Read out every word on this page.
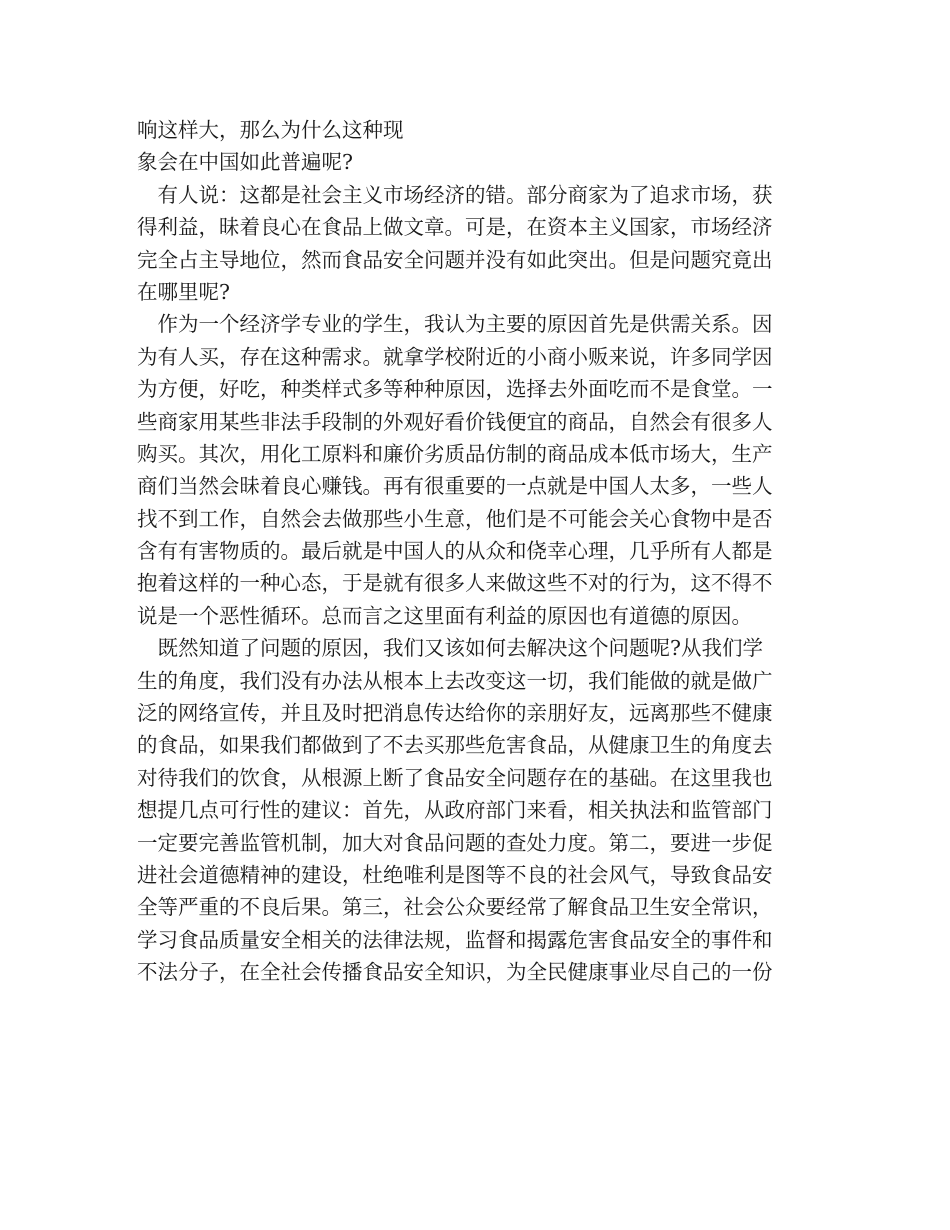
响这样大，那么为什么这种现
象会在中国如此普遍呢?
　有人说：这都是社会主义市场经济的错。部分商家为了追求市场，获
得利益，昧着良心在食品上做文章。可是，在资本主义国家，市场经济
完全占主导地位，然而食品安全问题并没有如此突出。但是问题究竟出
在哪里呢?
　作为一个经济学专业的学生，我认为主要的原因首先是供需关系。因
为有人买，存在这种需求。就拿学校附近的小商小贩来说，许多同学因
为方便，好吃，种类样式多等种种原因，选择去外面吃而不是食堂。一
些商家用某些非法手段制的外观好看价钱便宜的商品，自然会有很多人
购买。其次，用化工原料和廉价劣质品仿制的商品成本低市场大，生产
商们当然会昧着良心赚钱。再有很重要的一点就是中国人太多，一些人
找不到工作，自然会去做那些小生意，他们是不可能会关心食物中是否
含有有害物质的。最后就是中国人的从众和侥幸心理，几乎所有人都是
抱着这样的一种心态，于是就有很多人来做这些不对的行为，这不得不
说是一个恶性循环。总而言之这里面有利益的原因也有道德的原因。
　既然知道了问题的原因，我们又该如何去解决这个问题呢?从我们学
生的角度，我们没有办法从根本上去改变这一切，我们能做的就是做广
泛的网络宣传，并且及时把消息传达给你的亲朋好友，远离那些不健康
的食品，如果我们都做到了不去买那些危害食品，从健康卫生的角度去
对待我们的饮食，从根源上断了食品安全问题存在的基础。在这里我也
想提几点可行性的建议：首先，从政府部门来看，相关执法和监管部门
一定要完善监管机制，加大对食品问题的查处力度。第二，要进一步促
进社会道德精神的建设，杜绝唯利是图等不良的社会风气，导致食品安
全等严重的不良后果。第三，社会公众要经常了解食品卫生安全常识，
学习食品质量安全相关的法律法规，监督和揭露危害食品安全的事件和
不法分子，在全社会传播食品安全知识，为全民健康事业尽自己的一份
